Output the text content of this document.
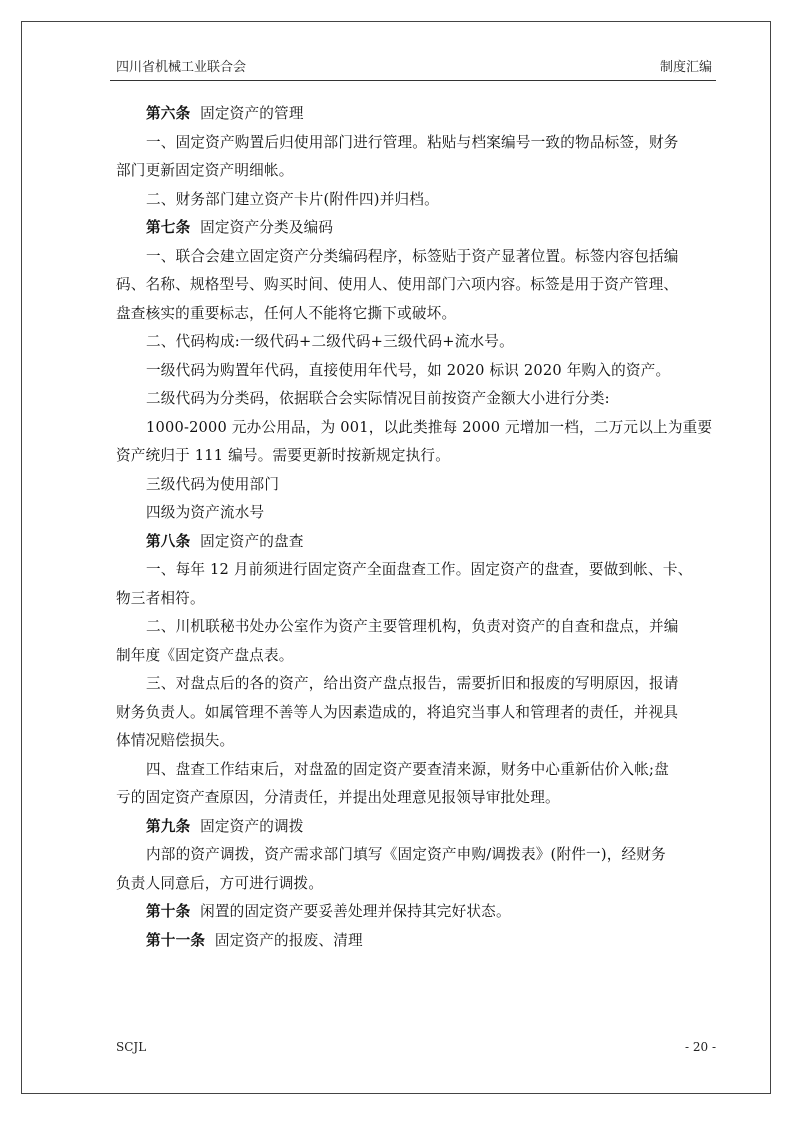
四川省机械工业联合会	制度汇编
第六条 固定资产的管理
一、固定资产购置后归使用部门进行管理。粘贴与档案编号一致的物品标签，财务
部门更新固定资产明细帐。
二、财务部门建立资产卡片(附件四)并归档。
第七条 固定资产分类及编码
一、联合会建立固定资产分类编码程序，标签贴于资产显著位置。标签内容包括编
码、名称、规格型号、购买时间、使用人、使用部门六项内容。标签是用于资产管理、
盘查核实的重要标志，任何人不能将它撕下或破坏。
二、代码构成:一级代码+二级代码+三级代码+流水号。
一级代码为购置年代码，直接使用年代号，如 2020 标识 2020 年购入的资产。
二级代码为分类码，依据联合会实际情况目前按资产金额大小进行分类:
1000-2000 元办公用品，为 001，以此类推每 2000 元增加一档，二万元以上为重要
资产统归于 111 编号。需要更新时按新规定执行。
三级代码为使用部门
四级为资产流水号
第八条 固定资产的盘查
一、每年 12 月前须进行固定资产全面盘查工作。固定资产的盘查，要做到帐、卡、
物三者相符。
二、川机联秘书处办公室作为资产主要管理机构，负责对资产的自查和盘点，并编
制年度《固定资产盘点表。
三、对盘点后的各的资产，给出资产盘点报告，需要折旧和报废的写明原因，报请
财务负责人。如属管理不善等人为因素造成的，将追究当事人和管理者的责任，并视具
体情况赔偿损失。
四、盘查工作结束后，对盘盈的固定资产要查清来源，财务中心重新估价入帐;盘
亏的固定资产查原因，分清责任，并提出处理意见报领导审批处理。
第九条 固定资产的调拨
内部的资产调拨，资产需求部门填写《固定资产申购/调拨表》(附件一)，经财务
负责人同意后，方可进行调拨。
第十条 闲置的固定资产要妥善处理并保持其完好状态。
第十一条 固定资产的报废、清理
SCJL	- 20 -
